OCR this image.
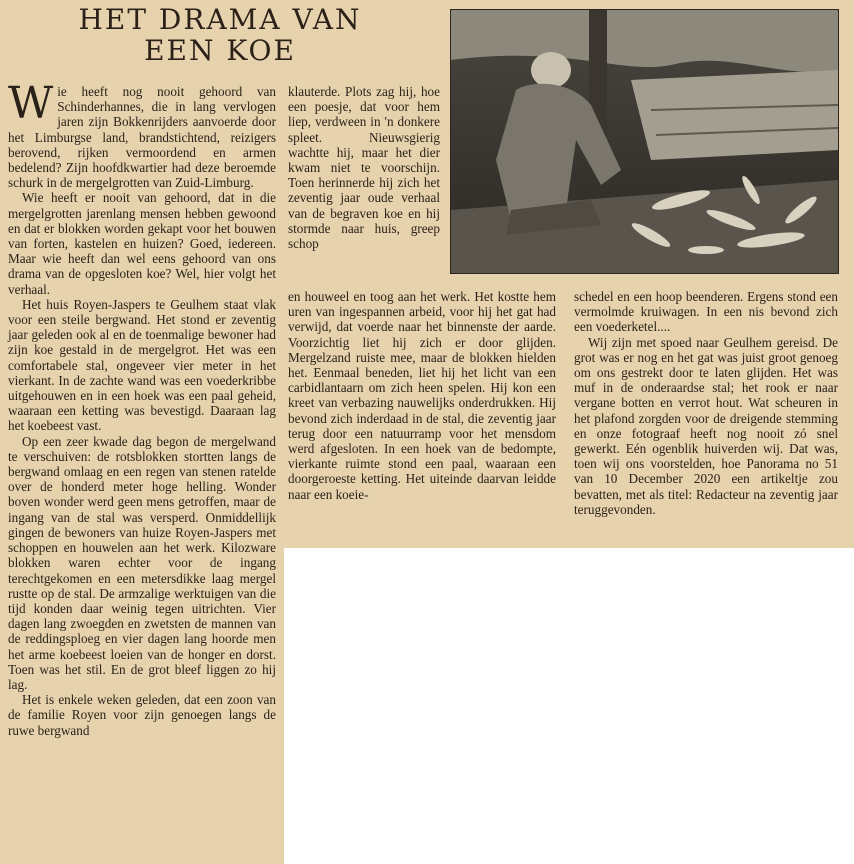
HET DRAMA VAN
EEN KOE

Wie heeft nog nooit gehoord van Schinderhannes, die in lang vervlogen jaren zijn Bokkenrijders aanvoerde door het Limburgse land, brandstichtend, reizigers berovend, rijken vermoordend en armen bedelend? Zijn hoofdkwartier had deze beroemde schurk in de mergelgrotten van Zuid-Limburg.

Wie heeft er nooit van gehoord, dat in die mergelgrotten jarenlang mensen hebben gewoond en dat er blokken worden gekapt voor het bouwen van forten, kastelen en huizen? Goed, iedereen. Maar wie heeft dan wel eens gehoord van ons drama van de opgesloten koe? Wel, hier volgt het verhaal.

Het huis Royen-Jaspers te Geulhem staat vlak voor een steile bergwand. Het stond er zeventig jaar geleden ook al en de toenmalige bewoner had zijn koe gestald in de mergelgrot. Het was een comfortabele stal, ongeveer vier meter in het vierkant. In de zachte wand was een voederkribbe uitgehouwen en in een hoek was een paal geheid, waaraan een ketting was bevestigd. Daaraan lag het koebeest vast.

Op een zeer kwade dag begon de mergelwand te verschuiven: de rotsblokken stortten langs de bergwand omlaag en een regen van stenen ratelde over de honderd meter hoge helling. Wonder boven wonder werd geen mens getroffen, maar de ingang van de stal was versperd. Onmiddellijk gingen de bewoners van huize Royen-Jaspers met schoppen en houwelen aan het werk. Kilozware blokken waren echter voor de ingang terechtgekomen en een metersdikke laag mergel rustte op de stal. De armzalige werktuigen van die tijd konden daar weinig tegen uitrichten. Vier dagen lang zwoegden en zwetsten de mannen van de reddingsploeg en vier dagen lang hoorde men het arme koebeest loeien van de honger en dorst. Toen was het stil. En de grot bleef liggen zo hij lag.

Het is enkele weken geleden, dat een zoon van de familie Royen voor zijn genoegen langs de ruwe bergwand

klauterde. Plots zag hij, hoe een poesje, dat voor hem liep, verdween in 'n donkere spleet. Nieuwsgierig wachtte hij, maar het dier kwam niet te voorschijn. Toen herinnerde hij zich het zeventig jaar oude verhaal van de begraven koe en hij stormde naar huis, greep schop

en houweel en toog aan het werk. Het kostte hem uren van ingespannen arbeid, voor hij het gat had verwijd, dat voerde naar het binnenste der aarde. Voorzichtig liet hij zich er door glijden. Mergelzand ruiste mee, maar de blokken hielden het. Eenmaal beneden, liet hij het licht van een carbidlantaarn om zich heen spelen. Hij kon een kreet van verbazing nauwelijks onderdrukken. Hij bevond zich inderdaad in de stal, die zeventig jaar terug door een natuurramp voor het mensdom werd afgesloten. In een hoek van de bedompte, vierkante ruimte stond een paal, waaraan een doorgeroeste ketting. Het uiteinde daarvan leidde naar een koeie-

schedel en een hoop beenderen. Ergens stond een vermolmde kruiwagen. In een nis bevond zich een voederketel....

Wij zijn met spoed naar Geulhem gereisd. De grot was er nog en het gat was juist groot genoeg om ons gestrekt door te laten glijden. Het was muf in de onderaardse stal; het rook er naar vergane botten en verrot hout. Wat scheuren in het plafond zorgden voor de dreigende stemming en onze fotograaf heeft nog nooit zó snel gewerkt. Eén ogenblik huiverden wij. Dat was, toen wij ons voorstelden, hoe Panorama no 51 van 10 December 2020 een artikeltje zou bevatten, met als titel: Redacteur na zeventig jaar teruggevonden.
